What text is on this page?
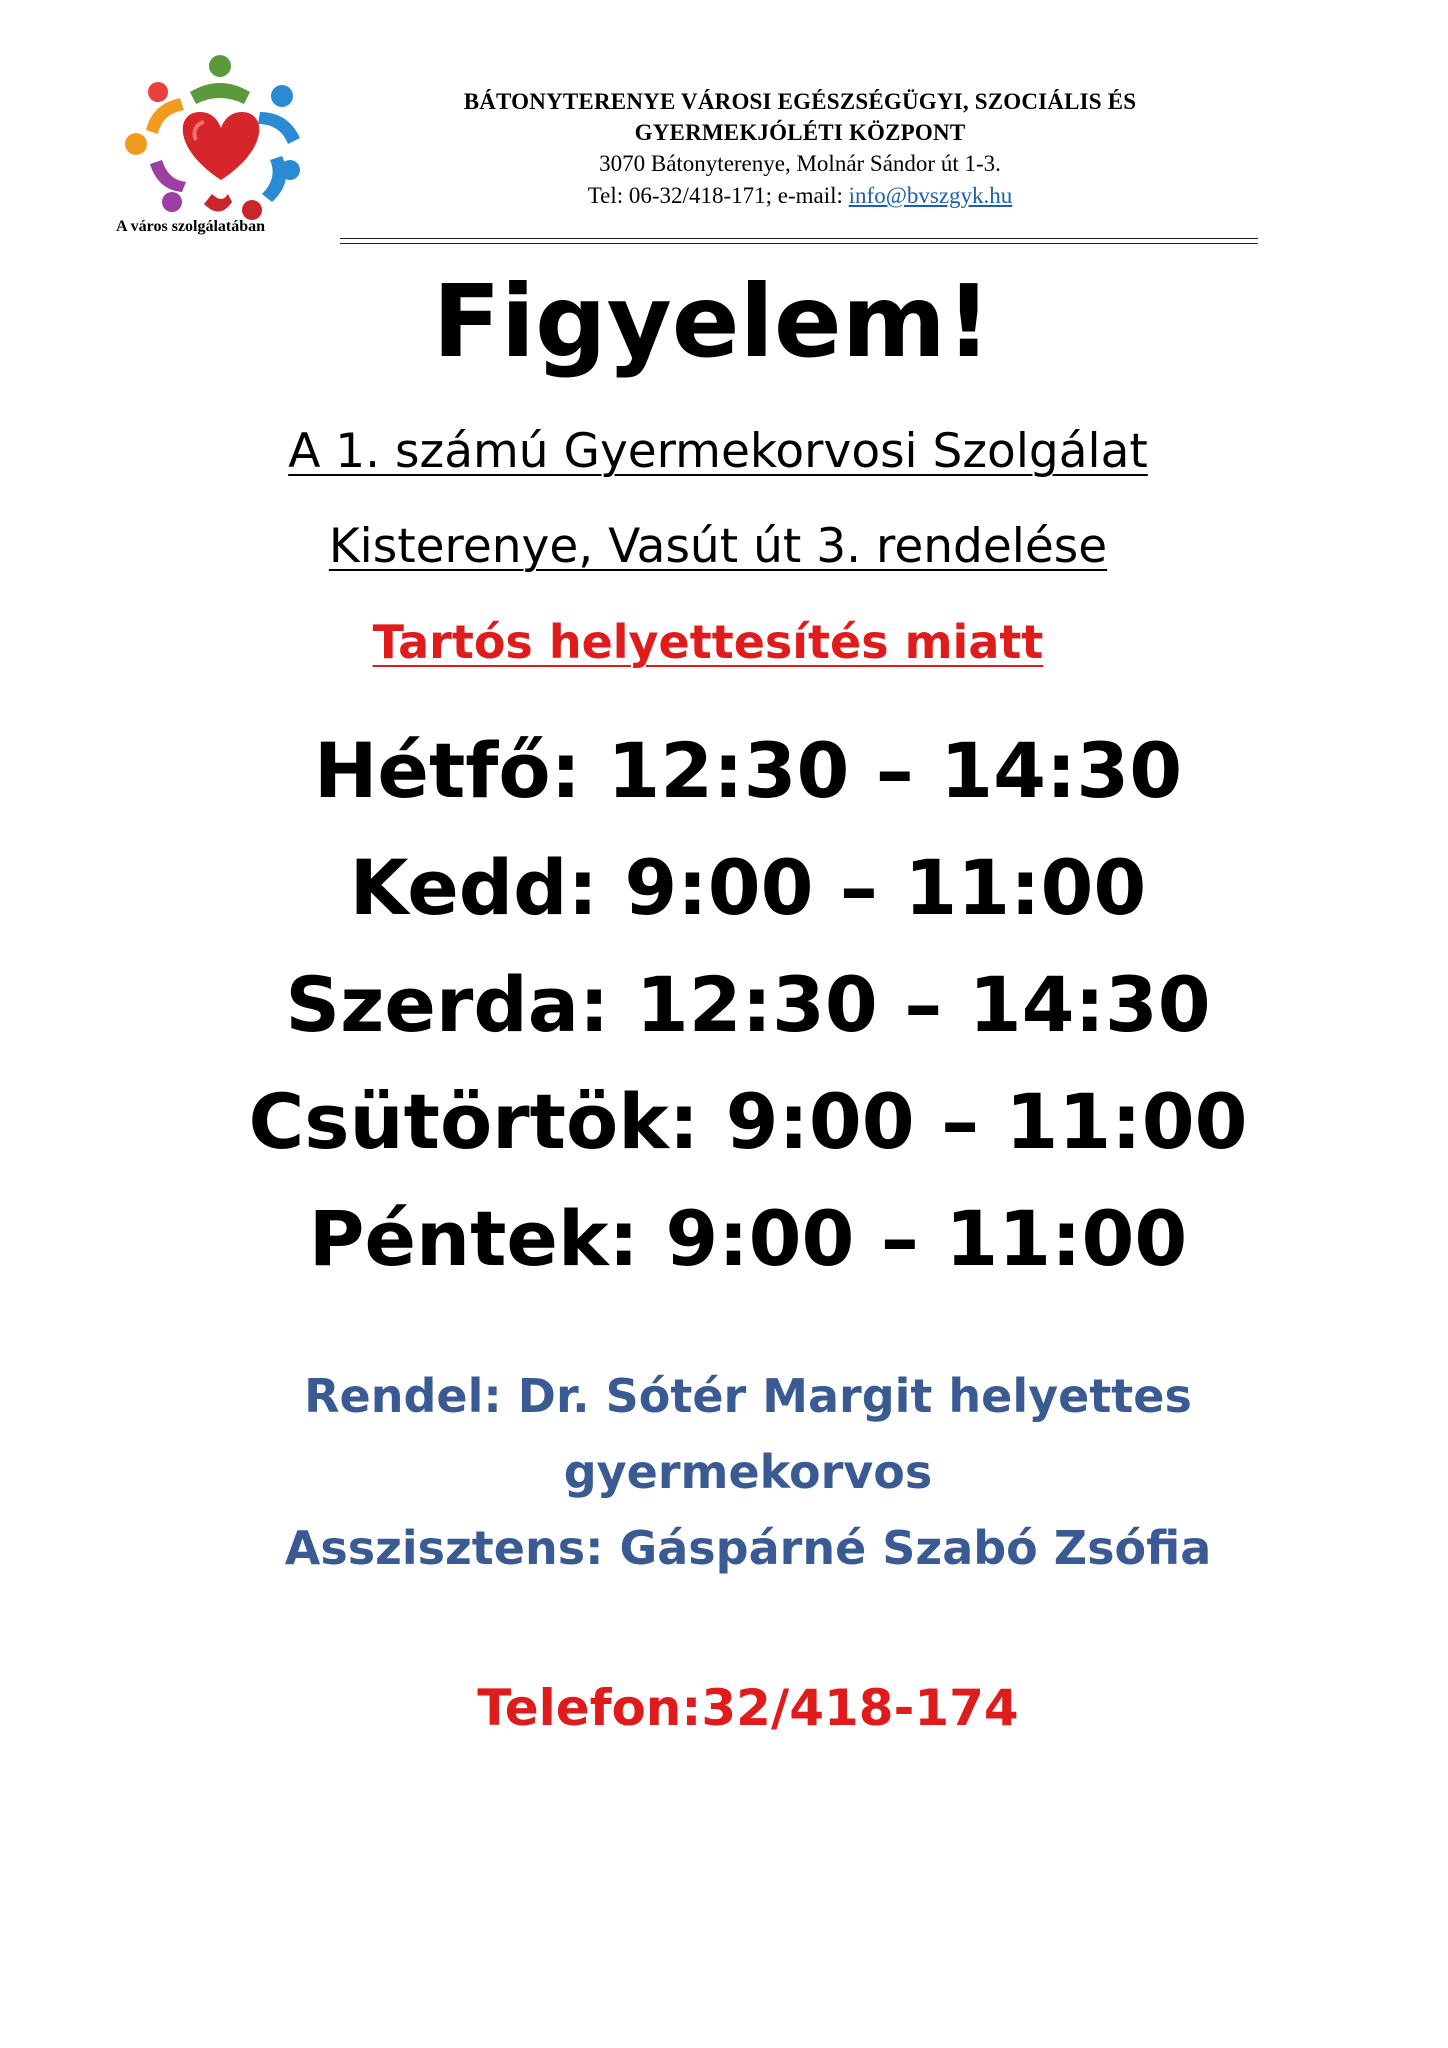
A város szolgálatában
BÁTONYTERENYE VÁROSI EGÉSZSÉGÜGYI, SZOCIÁLIS ÉS
GYERMEKJÓLÉTI KÖZPONT
3070 Bátonyterenye, Molnár Sándor út 1-3.
Tel: 06-32/418-171; e-mail: info@bvszgyk.hu
Figyelem!
A 1. számú Gyermekorvosi Szolgálat
Kisterenye, Vasút út 3. rendelése
Tartós helyettesítés miatt
Hétfő: 12:30 – 14:30
Kedd: 9:00 – 11:00
Szerda: 12:30 – 14:30
Csütörtök: 9:00 – 11:00
Péntek: 9:00 – 11:00
Rendel: Dr. Sótér Margit helyettes
gyermekorvos
Asszisztens: Gáspárné Szabó Zsófia
Telefon:32/418-174
